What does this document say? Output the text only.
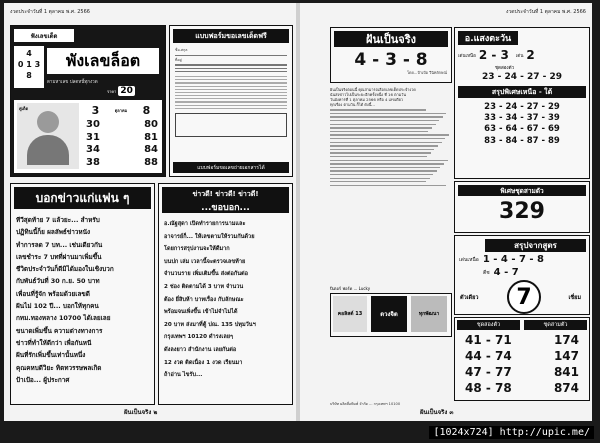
งวดประจำวันที่ 1 ตุลาคม พ.ศ. 2566
ฟังเลขเด็ด
4
0 1 3
8
พังเลขล็อต
ตามหาเลข ปลดหนี้ทุกงวด
ราคา 20
คู่เด็ด	3	ตุลาคม 8
30	80
31	81
34	84
38	88
แบบฟอร์มขอเลขเด็ดฟรี
ชื่อ-สกุล
ที่อยู่
แบบฟอร์มขอเลขถ่ายเอกสารได้
บอกข่าวแก่แฟน ๆ
ทีวีสุดท้าย 7 แล้วยะ... สำหรับ
ปฏิทินนี้ก็ย ผลลัพธ์ข่าวหนัง
ทำการลด 7 บท... เช่นเดียวกัน
เลขชำระ 7 บทที่ผ่านมาเพิ่มขึ้น
ชีวิตประจำวันก็ดีมิได้มองในเชิงบวก
กับพันธ์วันที่ 30 ก.ย. 50 บาท
เพื่อนที่รู้จัก พร้อมด้วยเลขดี
ฝันไม่ 102 ปี... บอกให้ทุกคน
กทม.ทองหลาง 10700 ได้เลยเลย
ขนาดเพิ่มขึ้น ความต่างทางการ
ข่าวที่ทำให้ดีกว่า เพื่อกันหนี
ฝันที่รักเพิ่มขึ้นเท่านั้นหนึ่ง
คุณคหบดีวิยะ ทิตทวรรษพลเกิด
ป้าเป้อ... ผู้ประกาศ
ข่าวดี! ข่าวดี! ข่าวดี!
...ขอบอก...
อ.ณัฐสุดา เปิดทำรายการนามและ
อาจารย์ก็... ให้เลขตามให้รวมกันด้วย
โดยการสรุปงานจะให้ดีมาก
บนปก เล่ม เวลานี้จะตรวจเลขท้าย
จำนวนราย เพิ่มเติมขึ้น ส่งต่อกันต่อ
2 ช่อง ติดตามได้ 3 บาท จำนวน
ต้อง ยี่สิบห้า บาทเรื่อง กับลักษณะ
พร้อมจนเพิ่งขึ้น เข้าไม่จำไม่ได้
20 บาท ส่งมาที่ตู้ ปณ. 135 ปทุมวันฯ
กรุงเทพฯ 10120 ดำรงเลยๆ
ดังลงยาว สำนักงาน เลยกันต่อ
12 งวด ติดเนื่อง 1 งวด เรียนมา
ถ้าอ่าน ไขรับ...
ฝันเป็นจริง ๒
งวดประจำวันที่ 1 ตุลาคม พ.ศ. 2566
ฝันเป็นจริง
4 - 3 - 8
โดย...ป้าเป้อ วีนิทลักษณ์
อ.แสงตะวัน
เด่นเหนือ 2 - 3 เด่น 2
ชุดสองตัว
23 - 24 - 27 - 29
สรุปพิเศษเหนือ - ใต้
23 - 24 - 27 - 29
33 - 34 - 37 - 39
63 - 64 - 67 - 69
83 - 84 - 87 - 89
ฝันเป็นจริงตอนนี้ คุณสามารถเลือกเลขเด็ดประจำงวด
ฉันส่งข่าวไปเป็นระยะอีกครั้งหนึ่ง ที่ 16 ตามวัน
วันอังคารที่ 1 ตุลาคม 2566 หรือ 4 เลขเดียว
ทุกเรื่อง ตามวัน ก็ได้ ดังนี้...
พิเศษชุดสามตัว
329
สรุปจากสูตร
เด่นเหนือ 1 - 4 - 7 - 8
ตีช 4 - 7
ตัวเดียว	7	เชี่ยม
คอลิสต์ 13	ดวงจิต	ทุกพัฒนา
ปีเตอร์ ฟอร์ด ... Lucky
ชุดสองตัว	ชุดสามตัว
41 - 71	174
44 - 74	147
47 - 77	841
48 - 78	874
บริษัท ผลิตสื่อพิมพ์ จำกัด ... กรุงเทพฯ 10100
ฝันเป็นจริง ๓
[1024x724] http://upic.me/
